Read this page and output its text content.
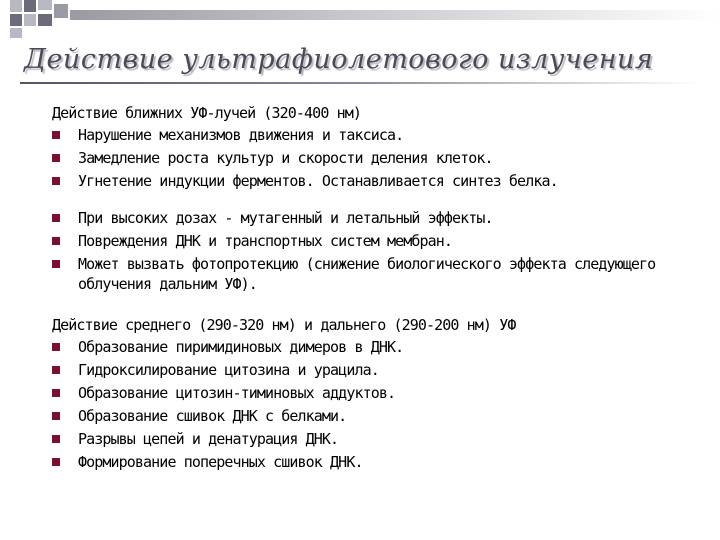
Действие ультрафиолетового излучения
Действие ближних УФ-лучей (320-400 нм)
Нарушение механизмов движения и таксиса.
Замедление роста культур и скорости деления клеток.
Угнетение индукции ферментов. Останавливается синтез белка.
При высоких дозах - мутагенный и летальный эффекты.
Повреждения ДНК и транспортных систем мембран.
Может вызвать фотопротекцию (снижение биологического эффекта следующего облучения дальним УФ).
Действие среднего (290-320 нм) и дальнего (290-200 нм) УФ
Образование пиримидиновых димеров в ДНК.
Гидроксилирование цитозина и урацила.
Образование цитозин-тиминовых аддуктов.
Образование сшивок ДНК с белками.
Разрывы цепей и денатурация ДНК.
Формирование поперечных сшивок ДНК.
